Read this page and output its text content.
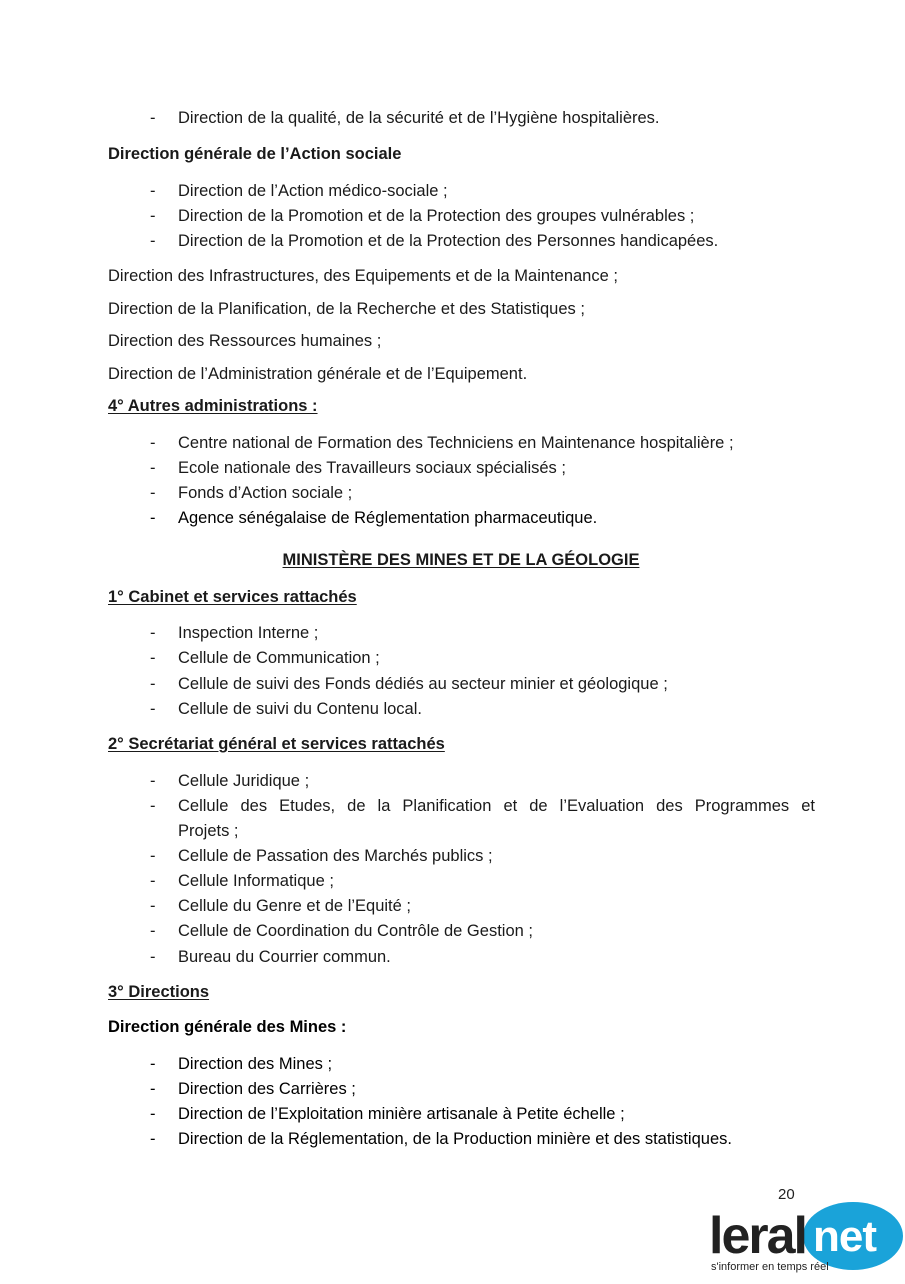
-	Direction de la qualité, de la sécurité et de l’Hygiène hospitalières.
Direction générale de l’Action sociale
-	Direction de l’Action médico-sociale ;
-	Direction de la Promotion et de la Protection des groupes vulnérables ;
-	Direction de la Promotion et de la Protection des Personnes handicapées.
Direction des Infrastructures, des Equipements et de la Maintenance ;
Direction de la Planification, de la Recherche et des Statistiques ;
Direction des Ressources humaines ;
Direction de l’Administration générale et de l’Equipement.
4° Autres administrations :
-	Centre national de Formation des Techniciens en Maintenance hospitalière ;
-	Ecole nationale des Travailleurs sociaux spécialisés ;
-	Fonds d’Action sociale ;
-	Agence sénégalaise de Réglementation pharmaceutique.
MINISTÈRE DES MINES ET DE LA GÉOLOGIE
1° Cabinet et services rattachés
-	Inspection Interne ;
-	Cellule de Communication ;
-	Cellule de suivi des Fonds dédiés au secteur minier et géologique ;
-	Cellule de suivi du Contenu local.
2° Secrétariat général et services rattachés
-	Cellule Juridique ;
-	Cellule des Etudes, de la Planification et de l’Evaluation des Programmes et
Projets ;
-	Cellule de Passation des Marchés publics ;
-	Cellule Informatique ;
-	Cellule du Genre et de l’Equité ;
-	Cellule de Coordination du Contrôle de Gestion ;
-	Bureau du Courrier commun.
3° Directions
Direction générale des Mines :
-	Direction des Mines ;
-	Direction des Carrières ;
-	Direction de l’Exploitation minière artisanale à Petite échelle ;
-	Direction de la Réglementation, de la Production minière et des statistiques.
20
leral net
s'informer en temps réel
